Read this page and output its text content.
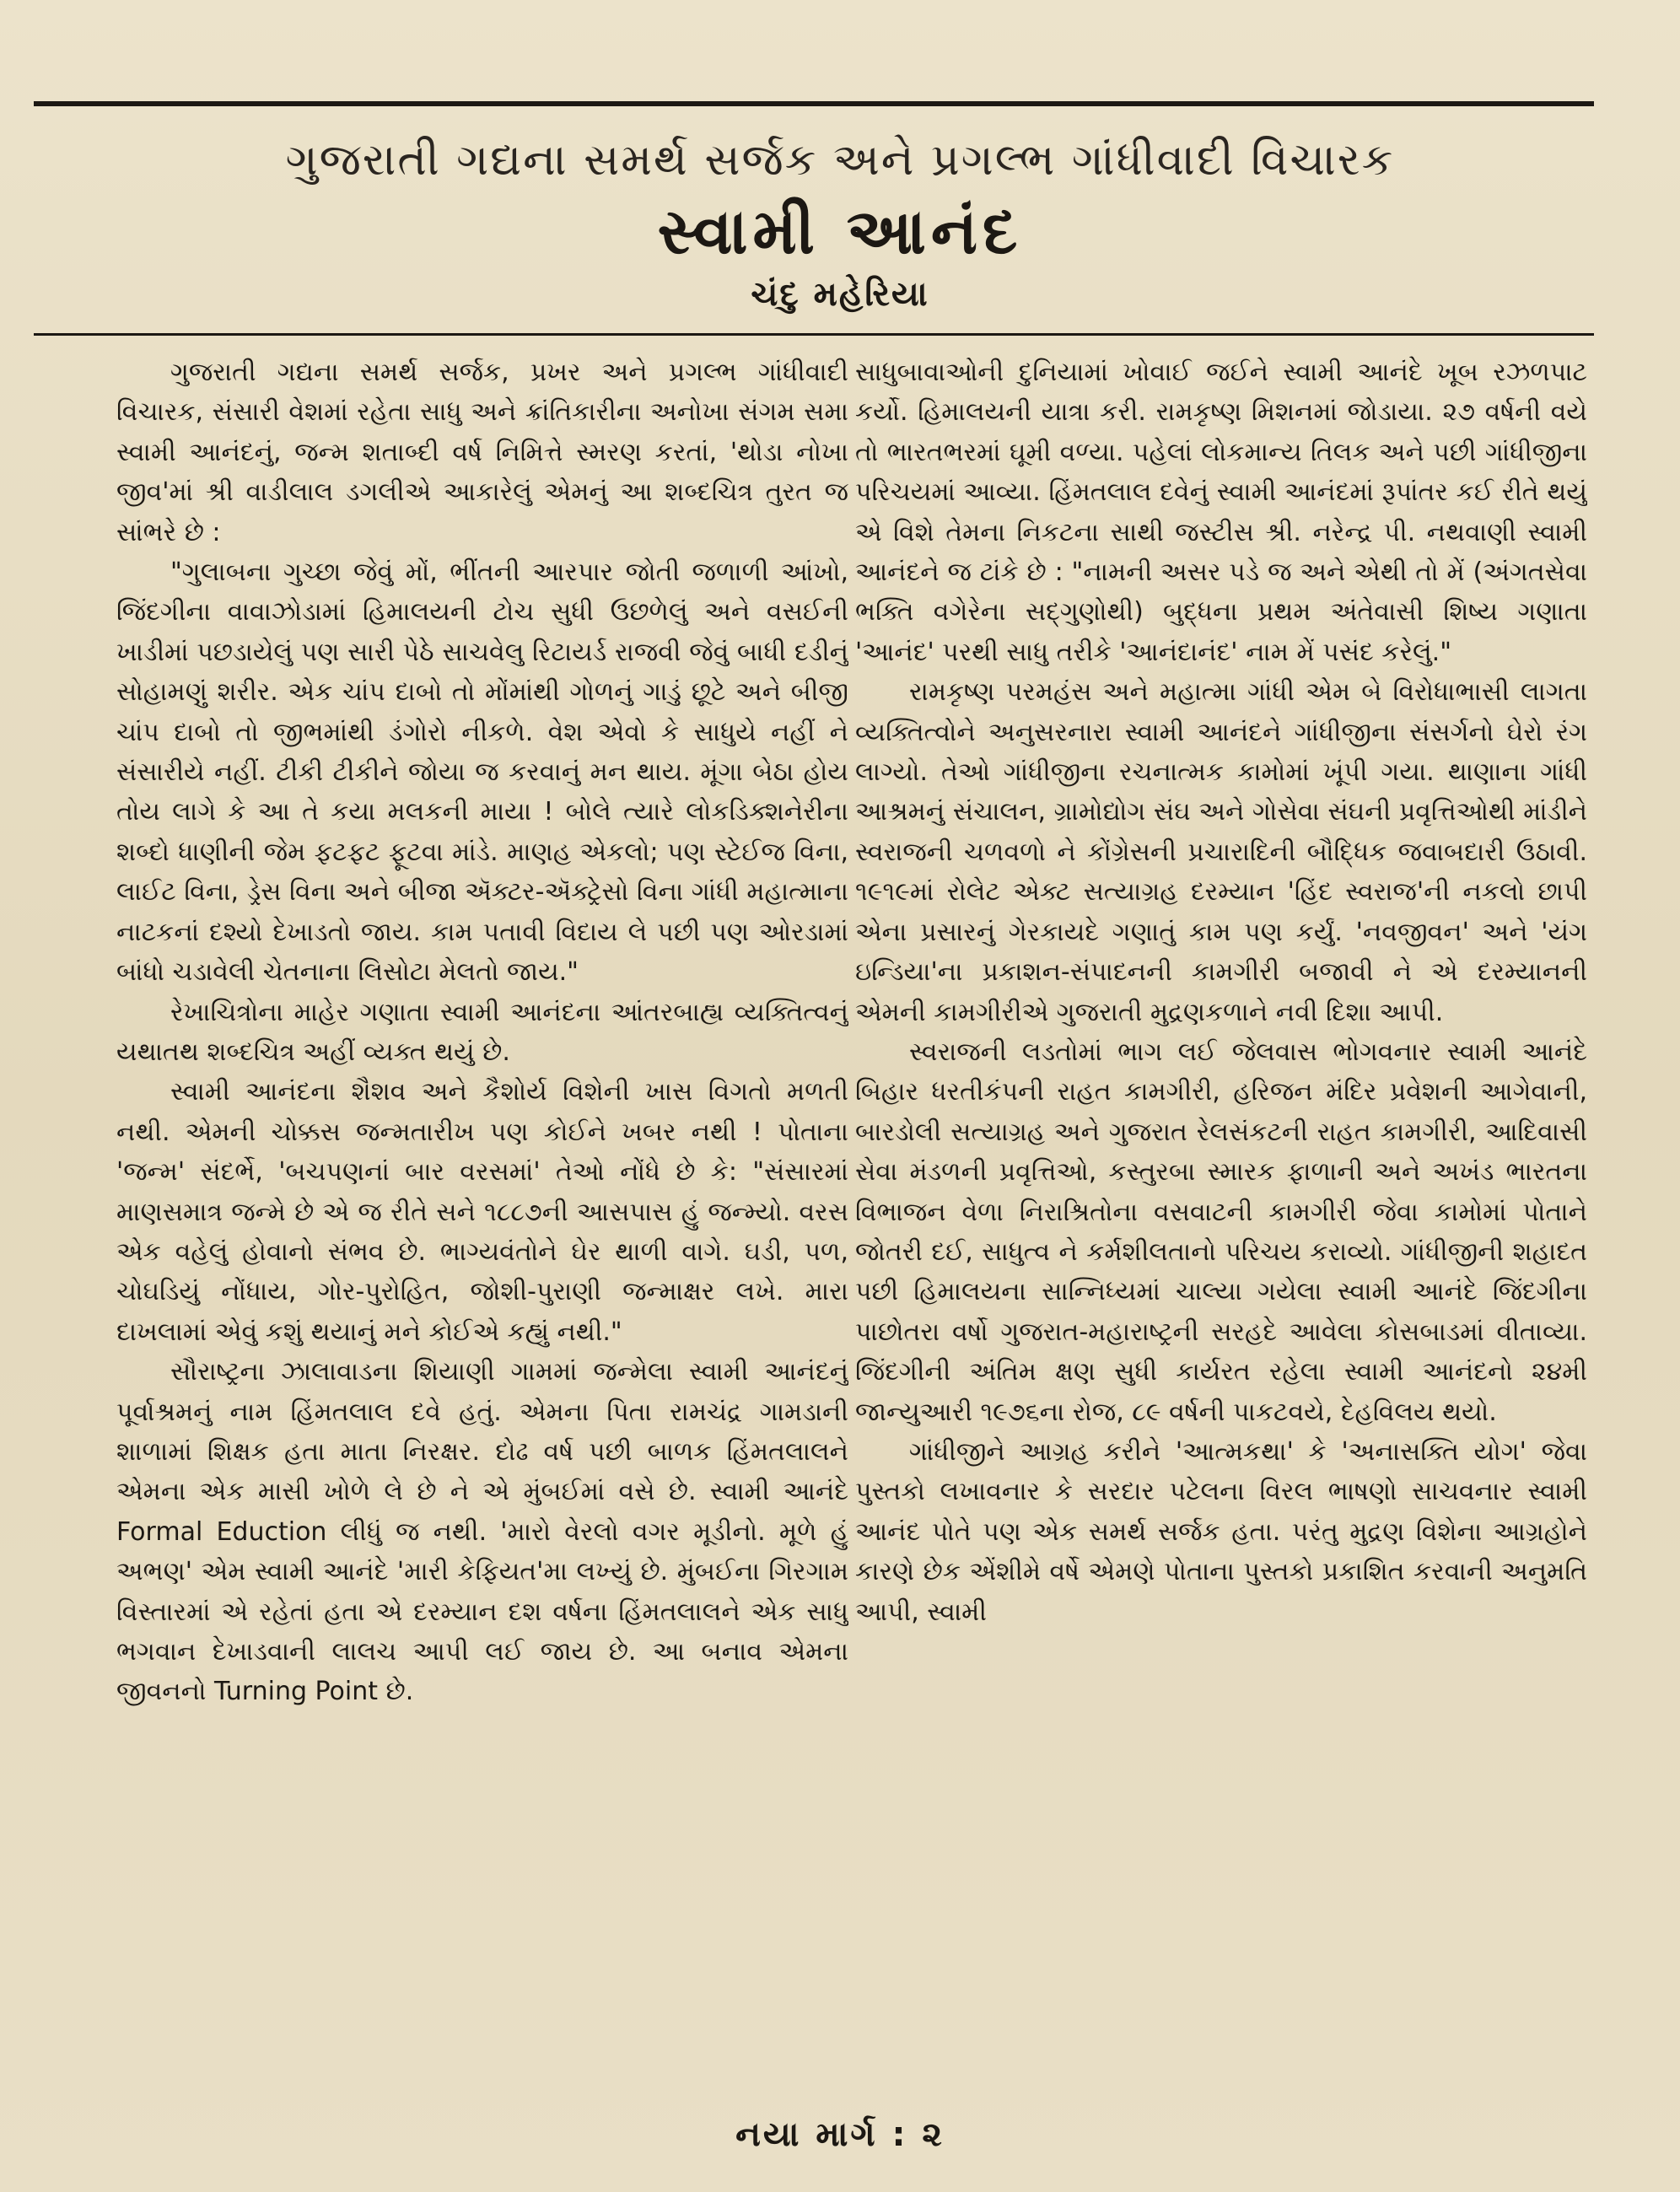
ગુજરાતી ગદ્યના સમર્થ સર્જક અને પ્રગલ્ભ ગાંધીવાદી વિચારક
સ્વામી આનંદ
ચંદુ મહેરિયા

ગુજરાતી ગદ્યના સમર્થ સર્જક, પ્રખર અને પ્રગલ્ભ ગાંધીવાદી વિચારક, સંસારી વેશમાં રહેતા સાધુ અને ક્રાંતિકારીના અનોખા સંગમ સમા સ્વામી આનંદનું, જન્મ શતાબ્દી વર્ષ નિમિત્તે સ્મરણ કરતાં, 'થોડા નોખા જીવ'માં શ્રી વાડીલાલ ડગલીએ આકારેલું એમનું આ શબ્દચિત્ર તુરત જ સાંભરે છે :

"ગુલાબના ગુચ્છા જેવું મોં, ભીંતની આરપાર જોતી જળાળી આંખો, જિંદગીના વાવાઝોડામાં હિમાલયની ટોચ સુધી ઉછળેલું અને વસઈની ખાડીમાં પછડાયેલું પણ સારી પેઠે સાચવેલુ રિટાયર્ડ રાજવી જેવું બાધી દડીનું સોહામણું શરીર. એક ચાંપ દાબો તો મોંમાંથી ગોળનું ગાડું છૂટે અને બીજી ચાંપ દાબો તો જીભમાંથી ડંગોરો નીકળે. વેશ એવો કે સાધુયે નહીં ને સંસારીયે નહીં. ટીકી ટીકીને જોયા જ કરવાનું મન થાય. મૂંગા બેઠા હોય તોય લાગે કે આ તે કયા મલકની માયા ! બોલે ત્યારે લોકડિક્શનેરીના શબ્દો ધાણીની જેમ ફટફટ ફૂટવા માંડે. માણહ એકલો; પણ સ્ટેઈજ વિના, લાઈટ વિના, ડ્રેસ વિના અને બીજા ઍક્ટર-ઍક્ટ્રેસો વિના ગાંધી મહાત્માના નાટકનાં દશ્યો દેખાડતો જાય. કામ પતાવી વિદાય લે પછી પણ ઓરડામાં બાંધો ચડાવેલી ચેતનાના લિસોટા મેલતો જાય."

રેખાચિત્રોના માહેર ગણાતા સ્વામી આનંદના આંતરબાહ્ય વ્યક્તિત્વનું યથાતથ શબ્દચિત્ર અહીં વ્યક્ત થયું છે.

સ્વામી આનંદના શૈશવ અને કૈશોર્ય વિશેની ખાસ વિગતો મળતી નથી. એમની ચોક્કસ જન્મતારીખ પણ કોઈને ખબર નથી ! પોતાના 'જન્મ' સંદર્ભે, 'બચપણનાં બાર વરસમાં' તેઓ નોંધે છે કે: "સંસારમાં માણસમાત્ર જન્મે છે એ જ રીતે સને ૧૮૮૭ની આસપાસ હું જન્મ્યો. વરસ એક વહેલું હોવાનો સંભવ છે. ભાગ્યવંતોને ઘેર થાળી વાગે. ઘડી, પળ, ચોઘડિયું નોંધાય, ગોર-પુરોહિત, જોશી-પુરાણી જન્માક્ષર લખે. મારા દાખલામાં એવું કશું થયાનું મને કોઈએ કહ્યું નથી."

સૌરાષ્ટ્રના ઝાલાવાડના શિયાણી ગામમાં જન્મેલા સ્વામી આનંદનું પૂર્વાશ્રમનું નામ હિંમતલાલ દવે હતું. એમના પિતા રામચંદ્ર ગામડાની શાળામાં શિક્ષક હતા માતા નિરક્ષર. દોઢ વર્ષ પછી બાળક હિંમતલાલને એમના એક માસી ખોળે લે છે ને એ મુંબઈમાં વસે છે. સ્વામી આનંદે Formal Eduction લીધું જ નથી. 'મારો વેરલો વગર મૂડીનો. મૂળે હું અભણ' એમ સ્વામી આનંદે 'મારી કેફિયત'મા લખ્યું છે. મુંબઈના ગિરગામ વિસ્તારમાં એ રહેતાં હતા એ દરમ્યાન દશ વર્ષના હિંમતલાલને એક સાધુ ભગવાન દેખાડવાની લાલચ આપી લઈ જાય છે. આ બનાવ એમના જીવનનો Turning Point છે.

સાધુબાવાઓની દુનિયામાં ખોવાઈ જઈને સ્વામી આનંદે ખૂબ રઝળપાટ કર્યો. હિમાલયની યાત્રા કરી. રામકૃષ્ણ મિશનમાં જોડાયા. ૨૭ વર્ષની વયે તો ભારતભરમાં ઘૂમી વળ્યા. પહેલાં લોકમાન્ય તિલક અને પછી ગાંધીજીના પરિચયમાં આવ્યા. હિંમતલાલ દવેનું સ્વામી આનંદમાં રૂપાંતર કઈ રીતે થયું એ વિશે તેમના નિકટના સાથી જસ્ટીસ શ્રી. નરેન્દ્ર પી. નથવાણી સ્વામી આનંદને જ ટાંકે છે : "નામની અસર પડે જ અને એથી તો મેં (અંગતસેવા ભક્તિ વગેરેના સદ્ગુણોથી) બુદ્ધના પ્રથમ અંતેવાસી શિષ્ય ગણાતા 'આનંદ' પરથી સાધુ તરીકે 'આનંદાનંદ' નામ મેં પસંદ કરેલું."

રામકૃષ્ણ પરમહંસ અને મહાત્મા ગાંધી એમ બે વિરોધાભાસી લાગતા વ્યક્તિત્વોને અનુસરનારા સ્વામી આનંદને ગાંધીજીના સંસર્ગનો ઘેરો રંગ લાગ્યો. તેઓ ગાંધીજીના રચનાત્મક કામોમાં ખૂંપી ગયા. થાણાના ગાંધી આશ્રમનું સંચાલન, ગ્રામોદ્યોગ સંઘ અને ગોસેવા સંઘની પ્રવૃત્તિઓથી માંડીને સ્વરાજની ચળવળો ને કોંગ્રેસની પ્રચારાદિની બૌદ્ધિક જવાબદારી ઉઠાવી. ૧૯૧૯માં રોલેટ એક્ટ સત્યાગ્રહ દરમ્યાન 'હિંદ સ્વરાજ'ની નકલો છાપી એના પ્રસારનું ગેરકાયદે ગણાતું કામ પણ કર્યું. 'નવજીવન' અને 'યંગ ઇન્ડિયા'ના પ્રકાશન-સંપાદનની કામગીરી બજાવી ને એ દરમ્યાનની એમની કામગીરીએ ગુજરાતી મુદ્રણકળાને નવી દિશા આપી.

સ્વરાજની લડતોમાં ભાગ લઈ જેલવાસ ભોગવનાર સ્વામી આનંદે બિહાર ધરતીકંપની રાહત કામગીરી, હરિજન મંદિર પ્રવેશની આગેવાની, બારડોલી સત્યાગ્રહ અને ગુજરાત રેલસંકટની રાહત કામગીરી, આદિવાસી સેવા મંડળની પ્રવૃત્તિઓ, કસ્તુરબા સ્મારક ફાળાની અને અખંડ ભારતના વિભાજન વેળા નિરાશ્રિતોના વસવાટની કામગીરી જેવા કામોમાં પોતાને જોતરી દઈ, સાધુત્વ ને કર્મશીલતાનો પરિચય કરાવ્યો. ગાંધીજીની શહાદત પછી હિમાલયના સાન્નિધ્યમાં ચાલ્યા ગયેલા સ્વામી આનંદે જિંદગીના પાછોતરા વર્ષો ગુજરાત-મહારાષ્ટ્રની સરહદે આવેલા કોસબાડમાં વીતાવ્યા. જિંદગીની અંતિમ ક્ષણ સુધી કાર્યરત રહેલા સ્વામી આનંદનો ૨૪મી જાન્યુઆરી ૧૯૭૬ના રોજ, ૮૯ વર્ષની પાકટવયે, દેહવિલય થયો.

ગાંધીજીને આગ્રહ કરીને 'આત્મકથા' કે 'અનાસક્તિ યોગ' જેવા પુસ્તકો લખાવનાર કે સરદાર પટેલના વિરલ ભાષણો સાચવનાર સ્વામી આનંદ પોતે પણ એક સમર્થ સર્જક હતા. પરંતુ મુદ્રણ વિશેના આગ્રહોને કારણે છેક એંશીમે વર્ષે એમણે પોતાના પુસ્તકો પ્રકાશિત કરવાની અનુમતિ આપી, સ્વામી

નયા માર્ગ : ૨
